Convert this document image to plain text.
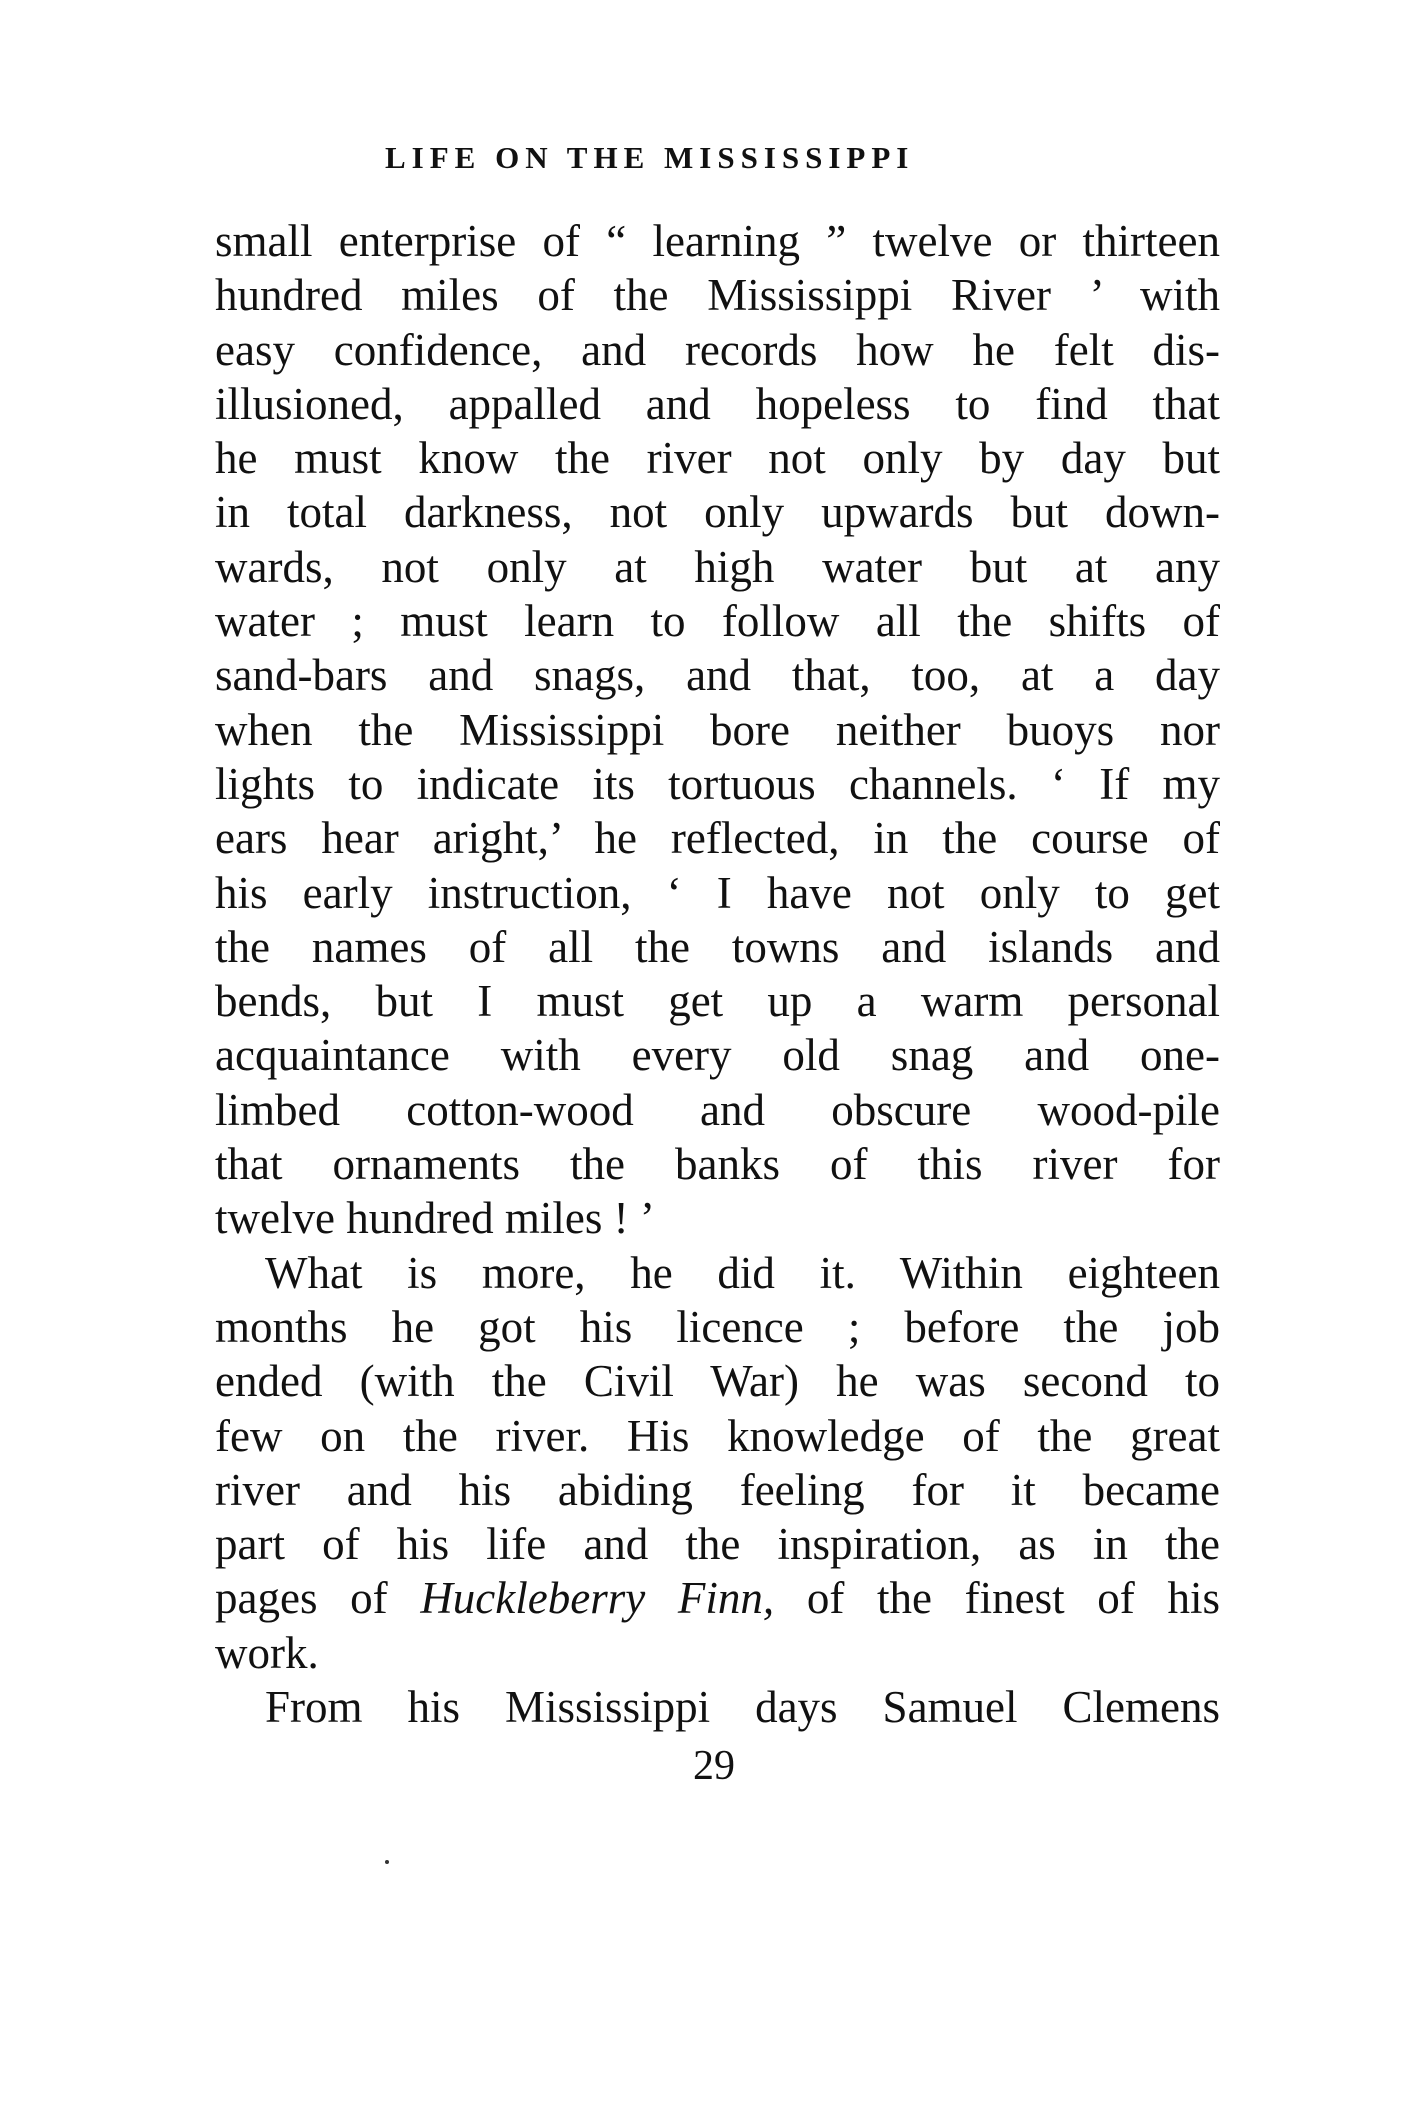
LIFE ON THE MISSISSIPPI
small enterprise of “ learning ” twelve or thirteen
hundred miles of the Mississippi River ’ with
easy confidence, and records how he felt dis-
illusioned, appalled and hopeless to find that
he must know the river not only by day but
in total darkness, not only upwards but down-
wards, not only at high water but at any
water ; must learn to follow all the shifts of
sand-bars and snags, and that, too, at a day
when the Mississippi bore neither buoys nor
lights to indicate its tortuous channels. ‘ If my
ears hear aright,’ he reflected, in the course of
his early instruction, ‘ I have not only to get
the names of all the towns and islands and
bends, but I must get up a warm personal
acquaintance with every old snag and one-
limbed cotton-wood and obscure wood-pile
that ornaments the banks of this river for
twelve hundred miles ! ’
What is more, he did it. Within eighteen
months he got his licence ; before the job
ended (with the Civil War) he was second to
few on the river. His knowledge of the great
river and his abiding feeling for it became
part of his life and the inspiration, as in the
pages of Huckleberry Finn, of the finest of his
work.
From his Mississippi days Samuel Clemens
29
